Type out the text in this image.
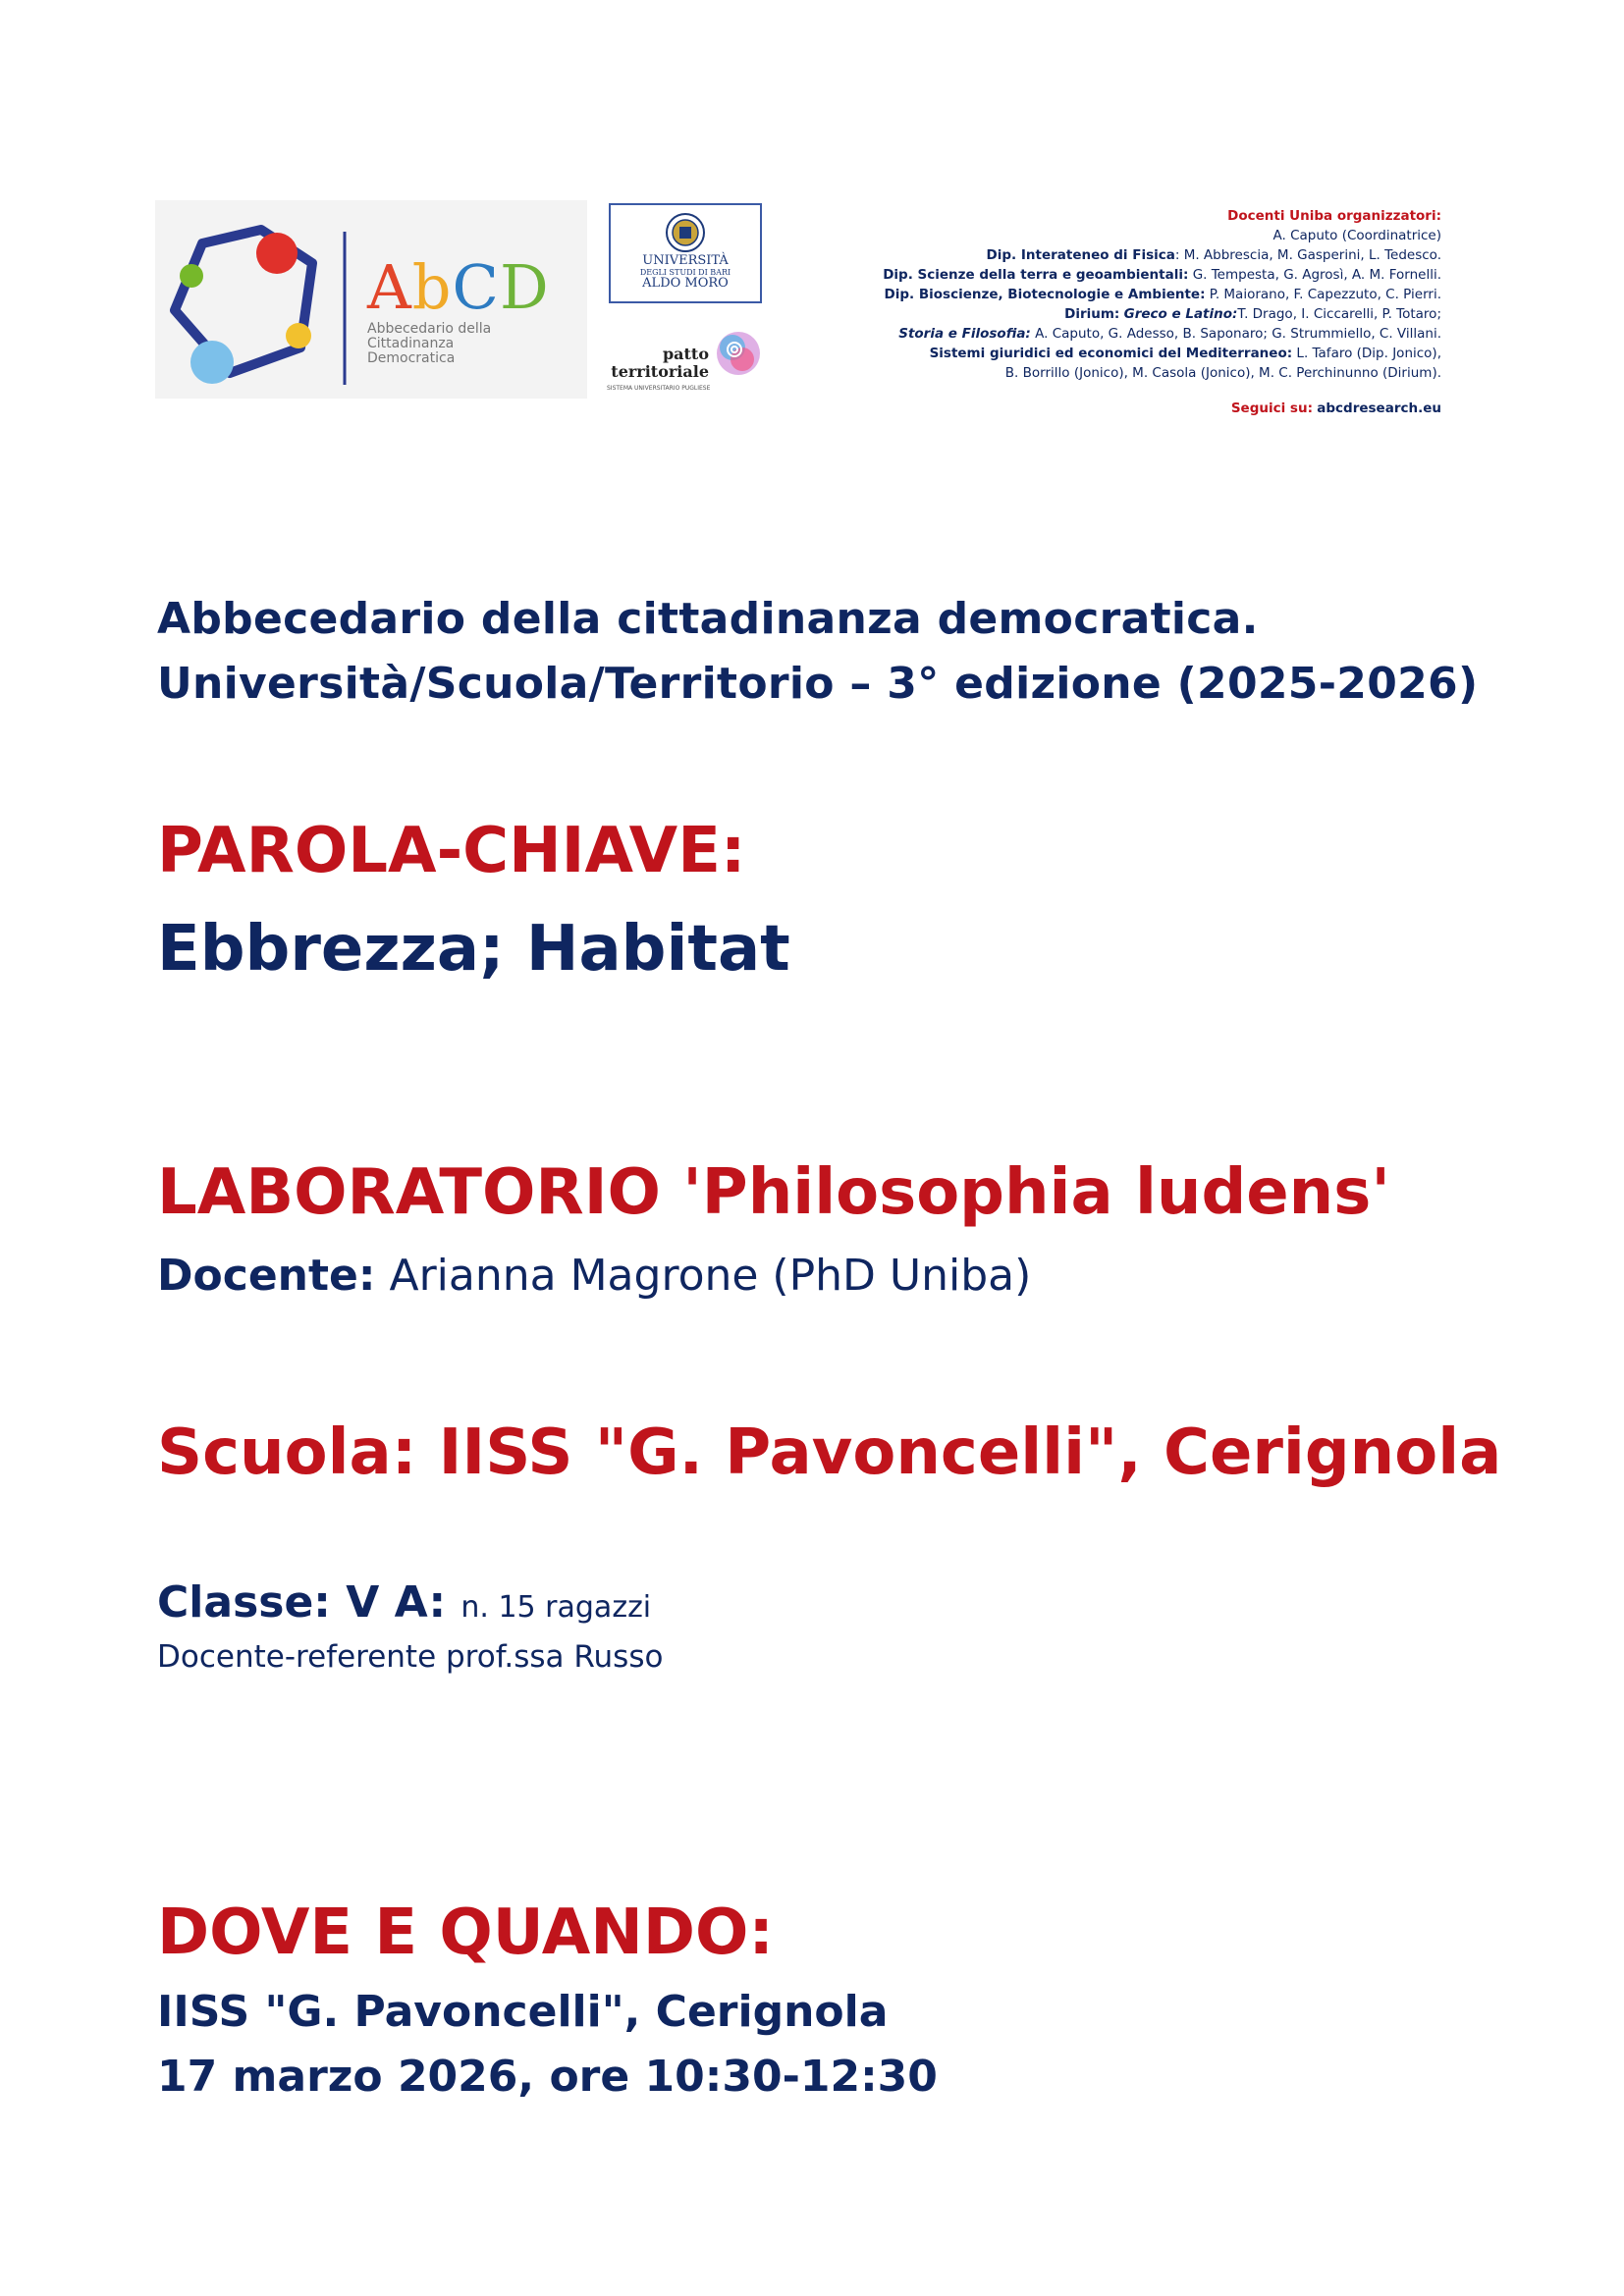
AbCD
Abbecedario della
Cittadinanza
Democratica
UNIVERSITÀ
DEGLI STUDI DI BARI
ALDO MORO
patto
territoriale
SISTEMA UNIVERSITARIO PUGLIESE
Docenti Uniba organizzatori:
A. Caputo (Coordinatrice)
Dip. Interateneo di Fisica: M. Abbrescia, M. Gasperini, L. Tedesco.
Dip. Scienze della terra e geoambientali: G. Tempesta, G. Agrosì, A. M. Fornelli.
Dip. Bioscienze, Biotecnologie e Ambiente: P. Maiorano, F. Capezzuto, C. Pierri.
Dirium: Greco e Latino:T. Drago, I. Ciccarelli, P. Totaro;
Storia e Filosofia: A. Caputo, G. Adesso, B. Saponaro; G. Strummiello, C. Villani.
Sistemi giuridici ed economici del Mediterraneo: L. Tafaro (Dip. Jonico),
B. Borrillo (Jonico), M. Casola (Jonico), M. C. Perchinunno (Dirium).
Seguici su: abcdresearch.eu
Abbecedario della cittadinanza democratica.
Università/Scuola/Territorio – 3° edizione (2025-2026)
PAROLA-CHIAVE:
Ebbrezza; Habitat
LABORATORIO 'Philosophia ludens'
Docente: Arianna Magrone (PhD Uniba)
Scuola: IISS "G. Pavoncelli", Cerignola
Classe: V A: n. 15 ragazzi
Docente-referente prof.ssa Russo
DOVE E QUANDO:
IISS "G. Pavoncelli", Cerignola
17 marzo 2026, ore 10:30-12:30
